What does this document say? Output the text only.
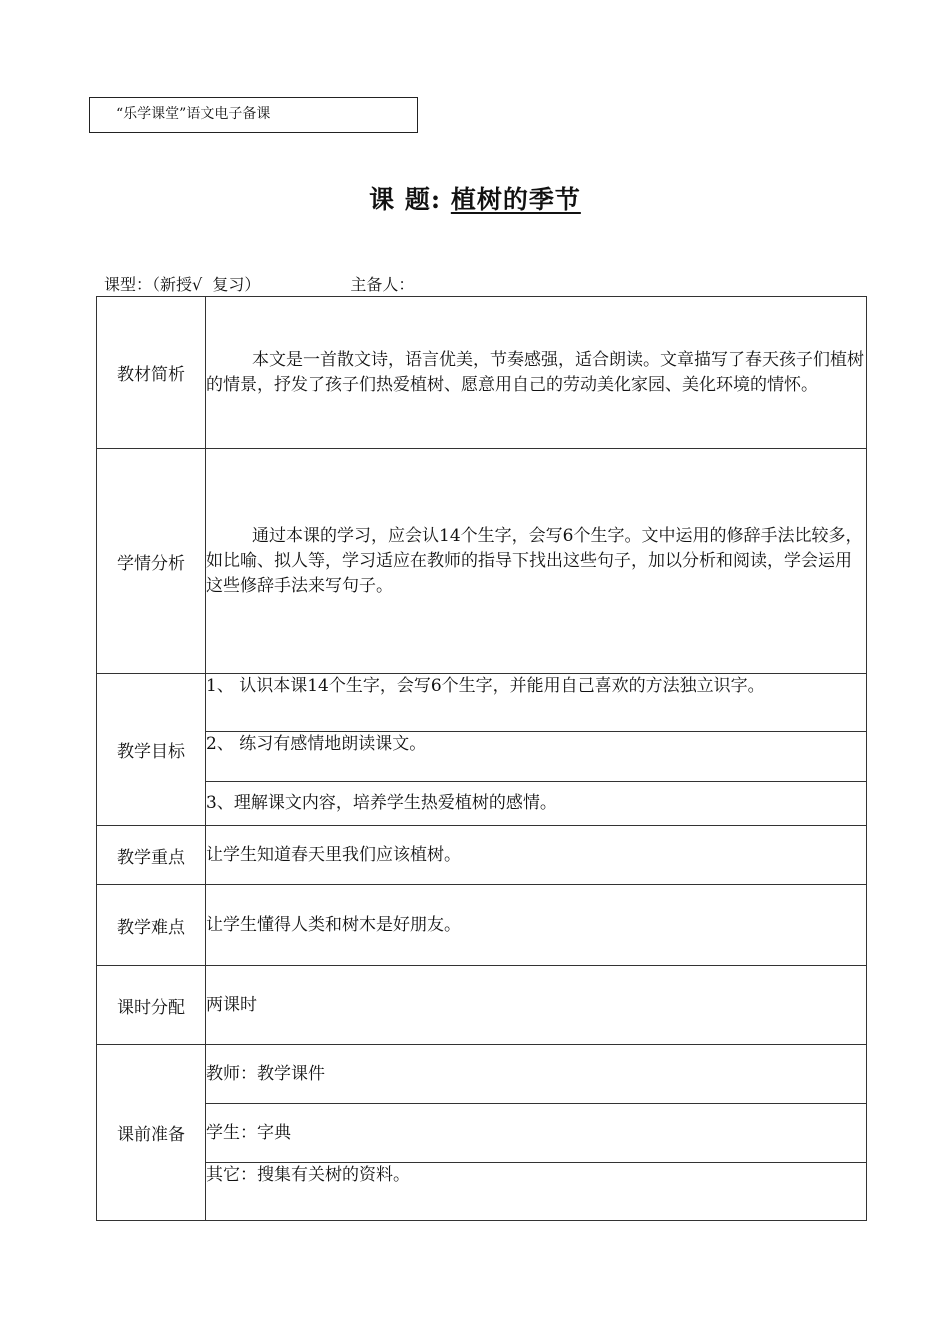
“乐学课堂”语文电子备课
课 题: 植树的季节
课型：（新授√  复习）	主备人：
教材简析	本文是一首散文诗，语言优美，节奏感强，适合朗读。文章描写了春天孩子们植树的情景，抒发了孩子们热爱植树、愿意用自己的劳动美化家园、美化环境的情怀。
学情分析	通过本课的学习，应会认14个生字，会写6个生字。文中运用的修辞手法比较多，如比喻、拟人等，学习适应在教师的指导下找出这些句子，加以分析和阅读，学会运用这些修辞手法来写句子。
教学目标	1、 认识本课14个生字，会写6个生字，并能用自己喜欢的方法独立识字。
	2、 练习有感情地朗读课文。
	3、理解课文内容，培养学生热爱植树的感情。
教学重点	让学生知道春天里我们应该植树。
教学难点	让学生懂得人类和树木是好朋友。
课时分配	两课时
课前准备	教师：教学课件
	学生：字典
	其它：搜集有关树的资料。
